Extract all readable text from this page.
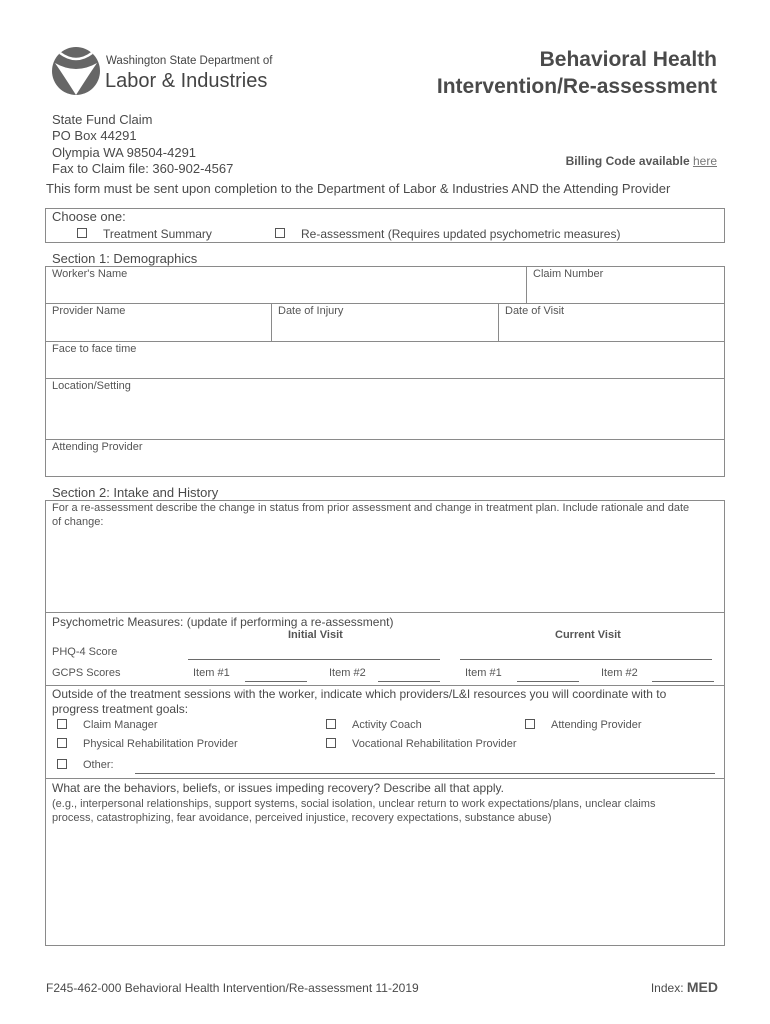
Washington State Department of
Labor & Industries
Behavioral Health
Intervention/Re-assessment
State Fund Claim
PO Box 44291
Olympia WA 98504-4291
Fax to Claim file: 360-902-4567	Billing Code available here
This form must be sent upon completion to the Department of Labor & Industries AND the Attending Provider
Choose one:
Treatment Summary	Re-assessment (Requires updated psychometric measures)
Section 1: Demographics
Worker's Name	Claim Number
Provider Name	Date of Injury	Date of Visit
Face to face time
Location/Setting
Attending Provider
Section 2: Intake and History
For a re-assessment describe the change in status from prior assessment and change in treatment plan. Include rationale and date
of change:
Psychometric Measures: (update if performing a re-assessment)
Initial Visit	Current Visit
PHQ-4 Score
GCPS Scores	Item #1	Item #2	Item #1	Item #2
Outside of the treatment sessions with the worker, indicate which providers/L&I resources you will coordinate with to
progress treatment goals:
Claim Manager	Activity Coach	Attending Provider
Physical Rehabilitation Provider	Vocational Rehabilitation Provider
Other:
What are the behaviors, beliefs, or issues impeding recovery? Describe all that apply.
(e.g., interpersonal relationships, support systems, social isolation, unclear return to work expectations/plans, unclear claims
process, catastrophizing, fear avoidance, perceived injustice, recovery expectations, substance abuse)
F245-462-000 Behavioral Health Intervention/Re-assessment 11-2019	Index: MED
